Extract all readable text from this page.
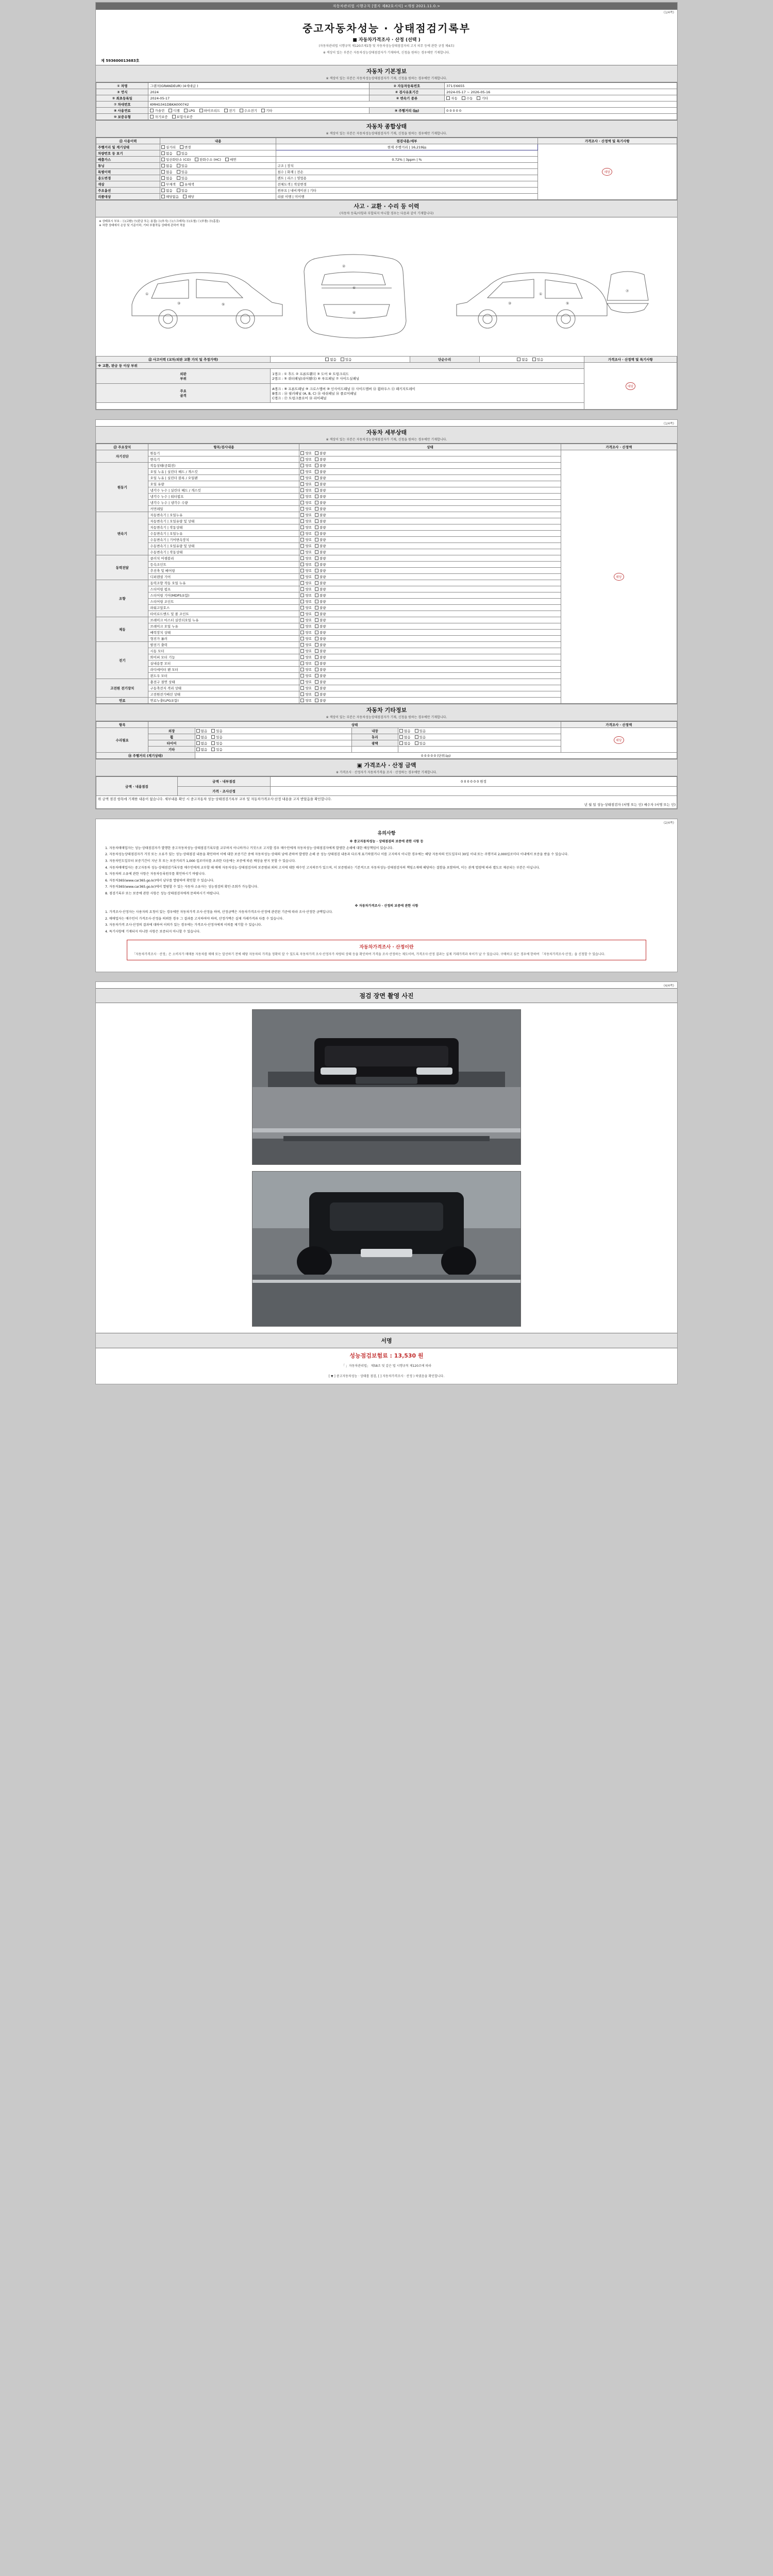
자동차관리법 시행규칙 [별지 제82호서식] <개정 2021.11.0.>
(1/4쪽)
중고자동차성능 · 상태점검기록부
■ 자동차가격조사 · 산정 (선택 )
(자동차관리법 시행규칙 제120조제1항 및 자동차성능상태점검자의 고지 의무 등에 관한 규정 제4조)
※ 색상이 있는 부분은 자동차성능상태점검자가 기재하며, 신청을 원하는 경우에만 기재합니다.
제 593600013683호
자동차 기본정보
※ 색상이 있는 부분은 자동차성능상태점검자가 기재, 신청을 원하는 경우에만 기재합니다.
① 차명	그랜저(GRANDEUR) (4세대급 )	② 자동차등록번호	371루6655
③ 연식	2024	④ 검사유효기간	2024-05-17 ~ 2026-05-16
⑤ 최초등록일	2024-05-17	⑥ 변속기 종류	자동 수동 기타
⑦ 차대번호	KMHG341DBKA000742		
⑧ 사용연료	가솔린 디젤 LPG 하이브리드 전기 수소전기 기타	⑨ 주행거리 (㎞)	0 0 0 0 0
⑩ 보증유형	자기보증 보험사보증		
자동차 종합상태
※ 색상이 있는 부분은 자동차성능상태점검자가 기재, 신청을 원하는 경우에만 기재합니다.
⑪ 사용이력	내용	점검내용/세부	가격조사 · 산정액 및 특기사항
주행거리 및 계기상태	실거리 변경	현재 주행거리 | 16,219㎞	해당
차량번호 등 표기	없음 있음		
배출가스	일산화탄소 (CO) 탄화수소 (HC) 매연	0.72% | 3ppm | %	
튜닝	없음 있음	구조 | 장치	
특별이력	없음 있음	침수 | 화재 | 전손	
용도변경	없음 있음	렌트 | 리스 | 영업용	
색상	무채색 유채색	전체도색 | 색상변경	
주요옵션	없음 있음	썬루프 | 내비게이션 | 기타	
리콜대상	해당없음 해당	리콜 이행 | 미이행	
사고 · 교환 · 수리 등 이력
(자동차 등록/사항과 부합되지 아니할 경우는 다음과 같이 기재합니다)
※ 상태표시 부호 : ⓧ(교환) ⓦ(판금 또는 용접) ⓐ(부식) ⓢ(스크래치) ⓤ(요철) ⓒ(부품) ⓟ(흠집)
※ 차량 상태에서 손상 및 기준이하, 기타 부품작동 상태에 관하여 적음
①
③	⑤
②
⑥
④
①
③	⑤
⑦
⑫ 사고이력 (교차/외판 교환 가치 및 추정가액)	없음 있음	단순수리	없음 있음	가격조사 · 산정액 및 특기사항
※ 교환, 판금 등 이상 부위				해당
외판
부위	
1랭크 : ① 후드 ② 프론트휀더 ③ 도어 ④ 트렁크리드
2랭크 : ⑤ 쿼터패널(리어휀더) ⑥ 루프패널 ⑦ 사이드실패널

주요
골격	
A랭크 : ⑧ 프론트패널 ⑨ 크로스멤버 ⑩ 인사이드패널 ⑪ 사이드멤버 ⑫ 휠하우스 ⑬ 패키지트레이
B랭크 : ⑭ 필러패널 (A, B, C) ⑮ 대쉬패널 ⑯ 플로어패널
C랭크 : ⑰ 트렁크플로어 ⑱ 리어패널

(1/4쪽)
자동차 세부상태
※ 색상이 있는 부분은 자동차성능상태점검자가 기재, 신청을 원하는 경우에만 기재합니다.
⑬ 주요장치	항목/검사내용	상태	가격조사 · 산정액
자기진단	원동기	양호 불량	해당
	변속기	양호 불량	
원동기	작동상태(공회전)	양호 불량	
	오일 누유 | 실린더 헤드 / 개스킷	양호 불량	
	오일 누유 | 실린더 블록 / 오일팬	양호 불량	
	오일 유량	양호 불량	
	냉각수 누수 | 실린더 헤드 / 개스킷	양호 불량	
	냉각수 누수 | 워터펌프	양호 불량	
	냉각수 누수 | 냉각수 수량	양호 불량	
	커먼레일	양호 불량	
변속기	자동변속기 | 오일누유	양호 불량	
	자동변속기 | 오일유량 및 상태	양호 불량	
	자동변속기 | 작동상태	양호 불량	
	수동변속기 | 오일누유	양호 불량	
	수동변속기 | 기어변속장치	양호 불량	
	수동변속기 | 오일유량 및 상태	양호 불량	
	수동변속기 | 작동상태	양호 불량	
동력전달	클러치 어셈블리	양호 불량	
	등속조인트	양호 불량	
	추진축 및 베어링	양호 불량	
	디퍼렌셜 기어	양호 불량	
조향	동력조향 작동 오일 누유	양호 불량	
	스티어링 펌프	양호 불량	
	스티어링 기어(MDPS포함)	양호 불량	
	스티어링 조인트	양호 불량	
	파워고압호스	양호 불량	
	타이로드엔드 및 볼 조인트	양호 불량	
제동	브레이크 마스터 실린더오일 누유	양호 불량	
	브레이크 오일 누유	양호 불량	
	배력장치 상태	양호 불량	
	형진가 롤러	양호 불량	
전기	발전기 출력	양호 불량	
	시동 모터	양호 불량	
	와이퍼 모터 기능	양호 불량	
	실내송풍 모터	양호 불량	
	라디에이터 팬 모터	양호 불량	
	윈도우 모터	양호 불량	
고전원 전기장치	충전구 절연 상태	양호 불량	
	구동축전지 격리 상태	양호 불량	
	고전원전기배선 상태	양호 불량	
연료	연료누출(LPG포함)	양호 불량	
자동차 기타정보
※ 색상이 있는 부분은 자동차성능상태점검자가 기재, 신청을 원하는 경우에만 기재합니다.
항목	상태				가격조사 · 산정액
수리필요	외장	없음 있음	내장	없음 있음	해당
	휠	없음 있음	ُ유리	없음 있음	
	타이어	없음 있음	광택	없음 있음	
	기타	없음 있음			
⑭ 주행거리 (계기상태)		0 0 0 0 0 (단위:㎞)			
▣ 가격조사 · 산정 금액
※ 가격조사 · 산정자가 자동차가격을 조사 · 산정하는 경우에만 기재합니다.
금액 · 내용점검	금액 · 내부점검	0 0 0 0 0 0 원정
	가격 · 조사산정	

위 금액 점검 항목에 기재한 내용이 없습니다. 세부내용 확인 시 중고자동차 성능·상태점검기록부 교부 및 자동차가격조사·산정 내용을 고지 받았음을 확인합니다.
년 월 일 성능·상태점검자 (서명 또는 인) 매수자 (서명 또는 인)		
(2/4쪽)
유의사항

※ 중고자동차성능 · 상태점검의 보증에 관한 사항 등

1. 자동차매매업자는 성능·상태점검자가 발행한 중고자동차성능·상태점검기록부를 교부하지 아니하거나 거짓으로 고지할 경우 매수인에게 자동차성능·상태점검자에게 발생한 손해에 대한 배상책임이 있습니다.

2. 자동차성능상태점검자가 거짓 또는 오류가 있는 성능·상태점검 내용을 확인하여 이에 대한 보증기간 중에 자동차성능·상태의 남에 관하여 발생한 손해 중 성능·상태점검 내용과 다르게 표기하였거나 이를 고지하지 아니한 경우에는 해당 자동차의 인도일부터 30일 이내 또는 주행거리 2,000킬로미터 이내에서 보증을 받을 수 있습니다.

3. 자동차인도일부터 보증기간이 지난 후 또는 보증거리가 1,000 킬로미터를 초과한 다음에는 보증에 따른 배상을 받지 못할 수 있습니다.

4. 자동차매매업자는 중고자동차 성능·상태점검기록부를 매수인에게 교부할 때 매매 자동차성능·상태점검자의 보증범위 외의 고지에 대한 매수인 고지의무가 있으며, 이 보증범위는 기본적으로 자동차성능·상태점검자의 책임소재에 해당하는 결함을 포함하며, 이는 관계 법령에 따라 별도로 제공되는 부분은 아닙니다.

5. 자동차의 소유에 관한 사항은 자동차등록원부를 확인하시기 바랍니다.

6. 자동차365(www.car365.go.kr)에서 남부를 열람하여 확인할 수 있습니다.

7. 자동차365(www.car365.go.kr)에서 열람할 수 있는 자동차 소유자는 성능점검의 확인·조회가 가능합니다.

8. 점검기록부 또는 보증에 관한 사항은 성능·상태점검자에게 문의하시기 바랍니다.

※ 자동차가격조사 · 산정의 보증에 관한 사항

1. 가격조사·산정자는 사용자의 요청이 있는 경우에만 자동차가격 조사·산정을 하며, 산정금액은 자동차가격조사·산정에 관련된 기준에 따라 조사·산정한 금액입니다.

2. 매매업자는 매수인이 가격조사·산정을 의뢰한 경우 그 결과를 고지하여야 하며, 산정가액은 실제 거래가격과 다를 수 있습니다.

3. 자동차가격 조사·산정의 결과에 대하여 이의가 있는 경우에는 가격조사·산정자에게 이의를 제기할 수 있습니다.

4. 특기사항에 기재되지 아니한 사항은 보증되지 아니할 수 있습니다.

자동차가격조사 · 산정이란
「자동차가격조사 · 산정」은 소비자가 매매용 자동차를 매매 또는 알선하기 전에 해당 자동차의 가격을 정확히 알 수 있도록 자동차가격 조사·산정자가 차량의 상태 등을 확인하여 가격을 조사·산정하는 제도이며, 가격조사·산정 결과는 실제 거래가격과 차이가 날 수 있습니다. 구매하고 싶은 경우에 한하여 「자동차가격조사·산정」을 신청할 수 있습니다.
(4/4쪽)
점검 장면 촬영 사진
서명
성능점검보험료 : 13,530 원
「 」자동차관리법」 제58조 및 같은 법 시행규칙 제120조에 따라
[ ▼ ] 중고자동차성능 · 상태를 점검, [ ] 자동차가격조사 · 산정 ) 하였음을 확인합니다.
